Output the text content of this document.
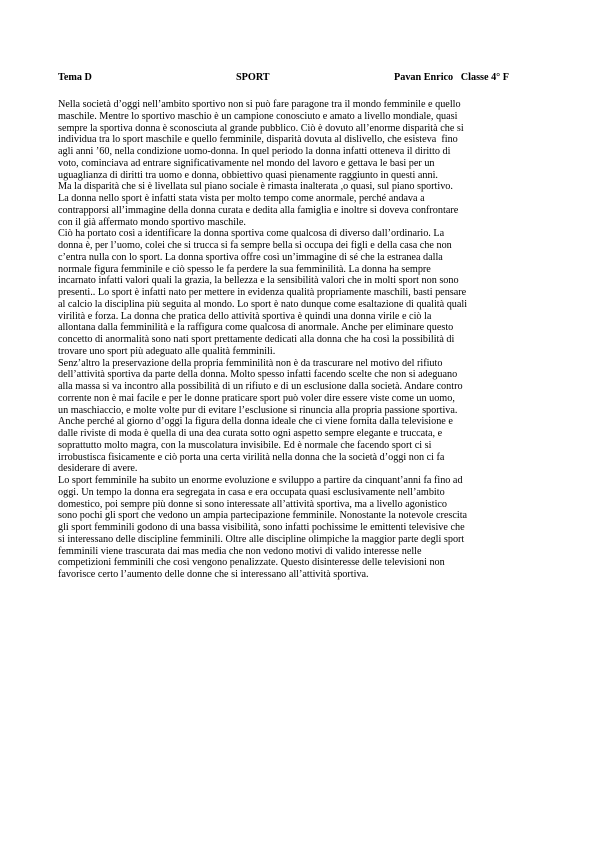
Tema D	SPORT	Pavan Enrico   Classe 4° F
Nella società d’oggi nell’ambito sportivo non si può fare paragone tra il mondo femminile e quello
maschile. Mentre lo sportivo maschio è un campione conosciuto e amato a livello mondiale, quasi
sempre la sportiva donna è sconosciuta al grande pubblico. Ciò è dovuto all’enorme disparità che si
individua tra lo sport maschile e quello femminile, disparità dovuta al dislivello, che esisteva  fino
agli anni ’60, nella condizione uomo-donna. In quel periodo la donna infatti otteneva il diritto di
voto, cominciava ad entrare significativamente nel mondo del lavoro e gettava le basi per un
uguaglianza di diritti tra uomo e donna, obbiettivo quasi pienamente raggiunto in questi anni.
Ma la disparità che si è livellata sul piano sociale è rimasta inalterata ,o quasi, sul piano sportivo.
La donna nello sport è infatti stata vista per molto tempo come anormale, perché andava a
contrapporsi all’immagine della donna curata e dedita alla famiglia e inoltre si doveva confrontare
con il già affermato mondo sportivo maschile.
Ciò ha portato così a identificare la donna sportiva come qualcosa di diverso dall’ordinario. La
donna è, per l’uomo, colei che si trucca si fa sempre bella si occupa dei figli e della casa che non
c’entra nulla con lo sport. La donna sportiva offre così un’immagine di sé che la estranea dalla
normale figura femminile e ciò spesso le fa perdere la sua femminilità. La donna ha sempre
incarnato infatti valori quali la grazia, la bellezza e la sensibilità valori che in molti sport non sono
presenti.. Lo sport è infatti nato per mettere in evidenza qualità propriamente maschili, basti pensare
al calcio la disciplina più seguita al mondo. Lo sport è nato dunque come esaltazione di qualità quali
virilità e forza. La donna che pratica dello attività sportiva è quindi una donna virile e ciò la
allontana dalla femminilità e la raffigura come qualcosa di anormale. Anche per eliminare questo
concetto di anormalità sono nati sport prettamente dedicati alla donna che ha così la possibilità di
trovare uno sport più adeguato alle qualità femminili.
Senz’altro la preservazione della propria femminilità non è da trascurare nel motivo del rifiuto
dell’attività sportiva da parte della donna. Molto spesso infatti facendo scelte che non si adeguano
alla massa si va incontro alla possibilità di un rifiuto e di un esclusione dalla società. Andare contro
corrente non è mai facile e per le donne praticare sport può voler dire essere viste come un uomo,
un maschiaccio, e molte volte pur di evitare l’esclusione si rinuncia alla propria passione sportiva.
Anche perché al giorno d’oggi la figura della donna ideale che ci viene fornita dalla televisione e
dalle riviste di moda è quella di una dea curata sotto ogni aspetto sempre elegante e truccata, e
soprattutto molto magra, con la muscolatura invisibile. Ed è normale che facendo sport ci si
irrobustisca fisicamente e ciò porta una certa virilità nella donna che la società d’oggi non ci fa
desiderare di avere.
Lo sport femminile ha subito un enorme evoluzione e sviluppo a partire da cinquant’anni fa fino ad
oggi. Un tempo la donna era segregata in casa e era occupata quasi esclusivamente nell’ambito
domestico, poi sempre più donne si sono interessate all’attività sportiva, ma a livello agonistico
sono pochi gli sport che vedono un ampia partecipazione femminile. Nonostante la notevole crescita
gli sport femminili godono di una bassa visibilità, sono infatti pochissime le emittenti televisive che
si interessano delle discipline femminili. Oltre alle discipline olimpiche la maggior parte degli sport
femminili viene trascurata dai mas media che non vedono motivi di valido interesse nelle
competizioni femminili che così vengono penalizzate. Questo disinteresse delle televisioni non
favorisce certo l’aumento delle donne che si interessano all’attività sportiva.
